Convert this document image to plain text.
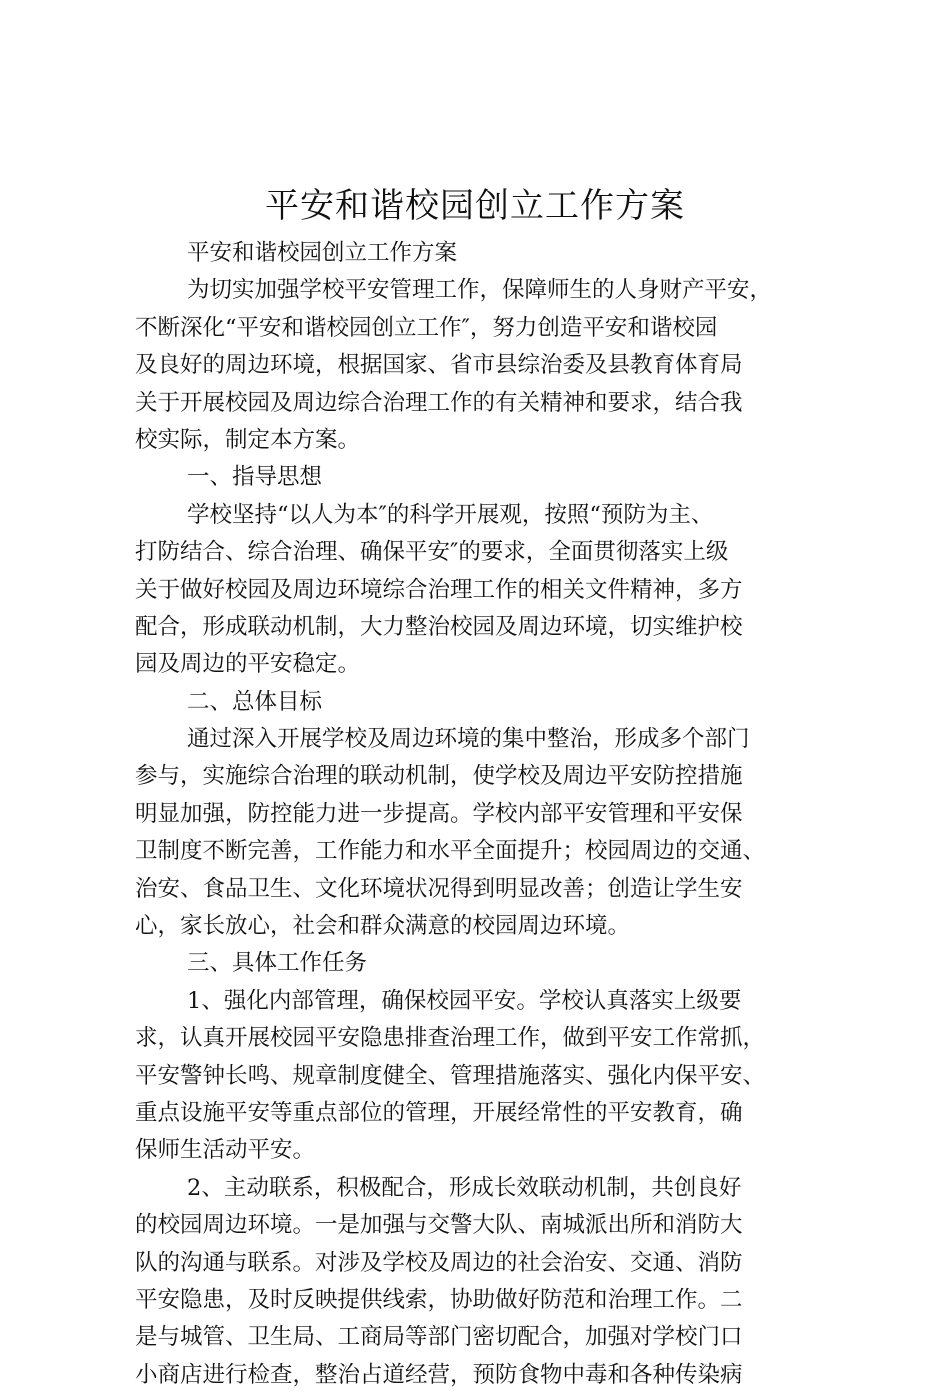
平安和谐校园创立工作方案
平安和谐校园创立工作方案
为切实加强学校平安管理工作，保障师生的人身财产平安，
不断深化“平安和谐校园创立工作″，努力创造平安和谐校园
及良好的周边环境，根据国家、省市县综治委及县教育体育局
关于开展校园及周边综合治理工作的有关精神和要求，结合我
校实际，制定本方案。
一、指导思想
学校坚持“以人为本″的科学开展观，按照“预防为主、
打防结合、综合治理、确保平安″的要求，全面贯彻落实上级
关于做好校园及周边环境综合治理工作的相关文件精神，多方
配合，形成联动机制，大力整治校园及周边环境，切实维护校
园及周边的平安稳定。
二、总体目标
通过深入开展学校及周边环境的集中整治，形成多个部门
参与，实施综合治理的联动机制，使学校及周边平安防控措施
明显加强，防控能力进一步提高。学校内部平安管理和平安保
卫制度不断完善，工作能力和水平全面提升；校园周边的交通、
治安、食品卫生、文化环境状况得到明显改善；创造让学生安
心，家长放心，社会和群众满意的校园周边环境。
三、具体工作任务
1、强化内部管理，确保校园平安。学校认真落实上级要
求，认真开展校园平安隐患排查治理工作，做到平安工作常抓，
平安警钟长鸣、规章制度健全、管理措施落实、强化内保平安、
重点设施平安等重点部位的管理，开展经常性的平安教育，确
保师生活动平安。
2、主动联系，积极配合，形成长效联动机制，共创良好
的校园周边环境。一是加强与交警大队、南城派出所和消防大
队的沟通与联系。对涉及学校及周边的社会治安、交通、消防
平安隐患，及时反映提供线索，协助做好防范和治理工作。二
是与城管、卫生局、工商局等部门密切配合，加强对学校门口
小商店进行检查，整治占道经营，预防食物中毒和各种传染病
